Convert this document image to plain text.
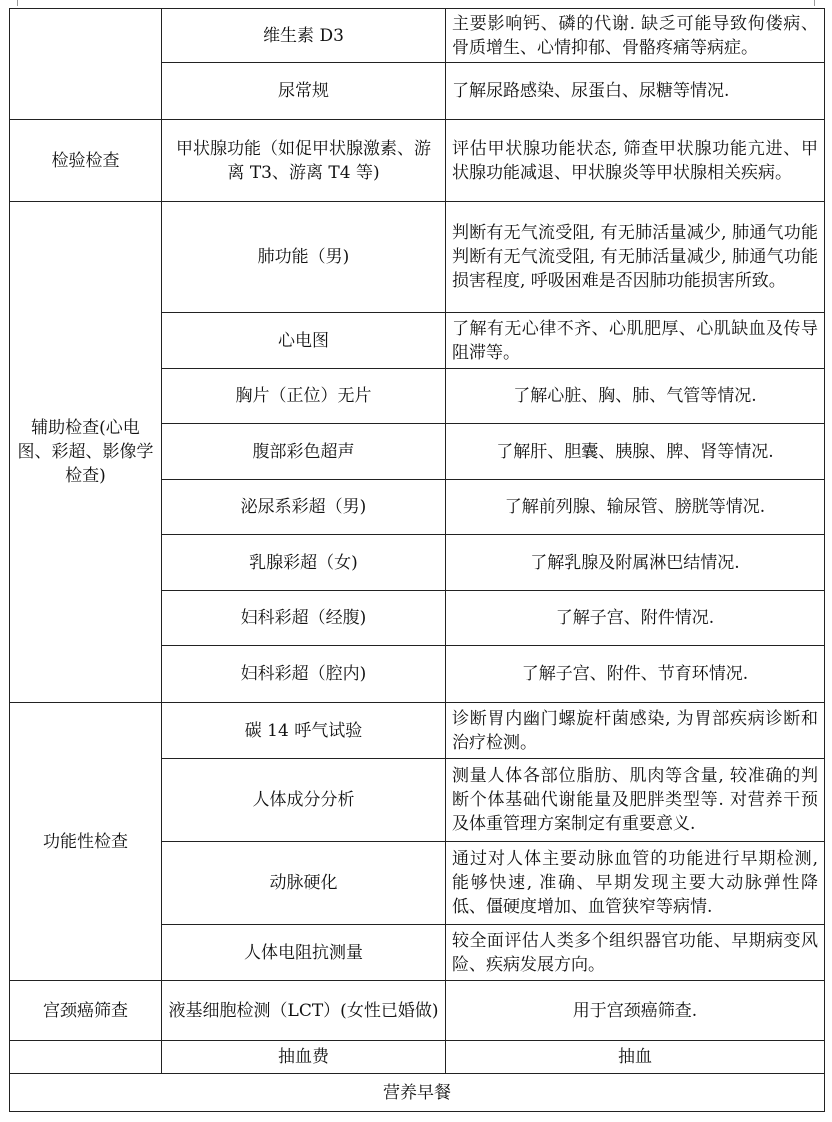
	维生素 D3	主要影响钙、磷的代谢. 缺乏可能导致佝偻病、骨质增生、心情抑郁、骨骼疼痛等病症。
	尿常规	了解尿路感染、尿蛋白、尿糖等情况.
检验检查	甲状腺功能（如促甲状腺激素、游离 T3、游离 T4 等)	评估甲状腺功能状态, 筛查甲状腺功能亢进、甲状腺功能减退、甲状腺炎等甲状腺相关疾病。
辅助检查(心电图、彩超、影像学检查)	肺功能（男)	判断有无气流受阻, 有无肺活量减少, 肺通气功能判断有无气流受阻, 有无肺活量减少, 肺通气功能损害程度, 呼吸困难是否因肺功能损害所致。
	心电图	了解有无心律不齐、心肌肥厚、心肌缺血及传导阻滞等。
	胸片（正位）无片	了解心脏、胸、肺、气管等情况.
	腹部彩色超声	了解肝、胆囊、胰腺、脾、肾等情况.
	泌尿系彩超（男)	了解前列腺、输尿管、膀胱等情况.
	乳腺彩超（女)	了解乳腺及附属淋巴结情况.
	妇科彩超（经腹)	了解子宫、附件情况.
	妇科彩超（腔内)	了解子宫、附件、节育环情况.
功能性检查	碳 14 呼气试验	诊断胃内幽门螺旋杆菌感染, 为胃部疾病诊断和治疗检测。
	人体成分分析	测量人体各部位脂肪、肌肉等含量, 较准确的判断个体基础代谢能量及肥胖类型等. 对营养干预及体重管理方案制定有重要意义.
	动脉硬化	通过对人体主要动脉血管的功能进行早期检测, 能够快速, 准确、早期发现主要大动脉弹性降低、僵硬度增加、血管狭窄等病情.
	人体电阻抗测量	较全面评估人类多个组织器官功能、早期病变风险、疾病发展方向。
宫颈癌筛查	液基细胞检测（LCT）(女性已婚做)	用于宫颈癌筛查.
	抽血费	抽血
营养早餐		
